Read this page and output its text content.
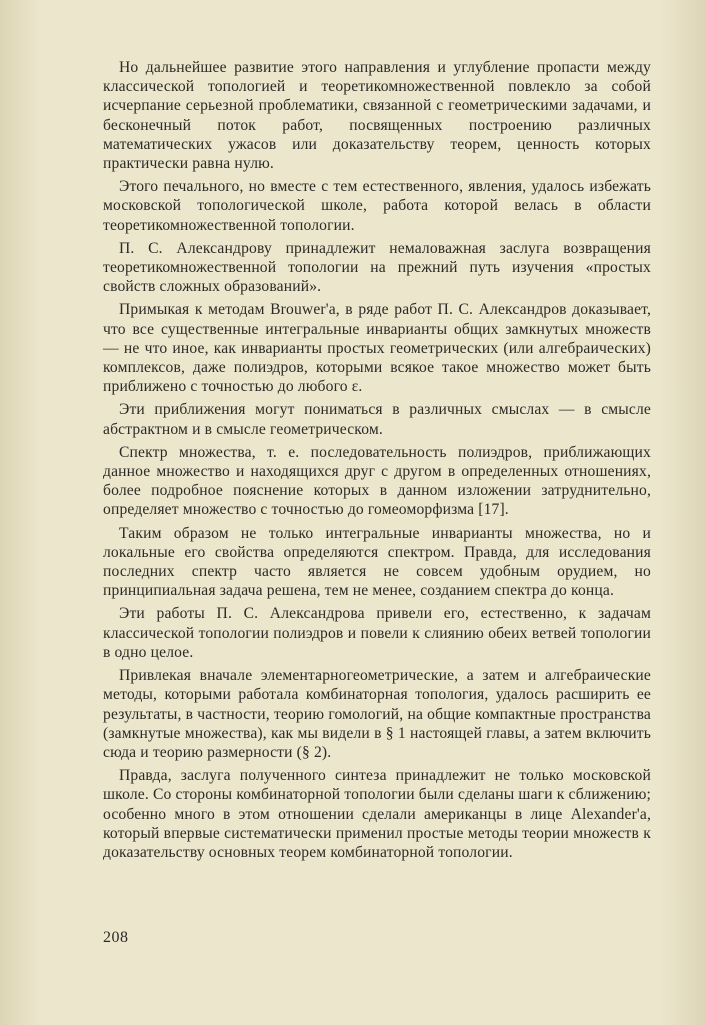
Но дальнейшее развитие этого направления и углубление пропасти между классической топологией и теоретикомножественной повлекло за собой исчерпание серьезной проблематики, связанной с геометрическими задачами, и бесконечный поток работ, посвященных построению различных математических ужасов или доказательству теорем, ценность которых практически равна нулю.

Этого печального, но вместе с тем естественного, явления, удалось избежать московской топологической школе, работа которой велась в области теоретикомножественной топологии.

П. С. Александрову принадлежит немаловажная заслуга возвращения теоретикомножественной топологии на прежний путь изучения «простых свойств сложных образований».

Примыкая к методам Brouwer'а, в ряде работ П. С. Александров доказывает, что все существенные интегральные инварианты общих замкнутых множеств — не что иное, как инварианты простых геометрических (или алгебраических) комплексов, даже полиэдров, которыми всякое такое множество может быть приближено с точностью до любого ε.

Эти приближения могут пониматься в различных смыслах — в смысле абстрактном и в смысле геометрическом.

Спектр множества, т. е. последовательность полиэдров, приближающих данное множество и находящихся друг с другом в определенных отношениях, более подробное пояснение которых в данном изложении затруднительно, определяет множество с точностью до гомеоморфизма [17].

Таким образом не только интегральные инварианты множества, но и локальные его свойства определяются спектром. Правда, для исследования последних спектр часто является не совсем удобным орудием, но принципиальная задача решена, тем не менее, созданием спектра до конца.

Эти работы П. С. Александрова привели его, естественно, к задачам классической топологии полиэдров и повели к слиянию обеих ветвей топологии в одно целое.

Привлекая вначале элементарногеометрические, а затем и алгебраические методы, которыми работала комбинаторная топология, удалось расширить ее результаты, в частности, теорию гомологий, на общие компактные пространства (замкнутые множества), как мы видели в § 1 настоящей главы, а затем включить сюда и теорию размерности (§ 2).

Правда, заслуга полученного синтеза принадлежит не только московской школе. Со стороны комбинаторной топологии были сделаны шаги к сближению; особенно много в этом отношении сделали американцы в лице Alexander'а, который впервые систематически применил простые методы теории множеств к доказательству основных теорем комбинаторной топологии.

208
